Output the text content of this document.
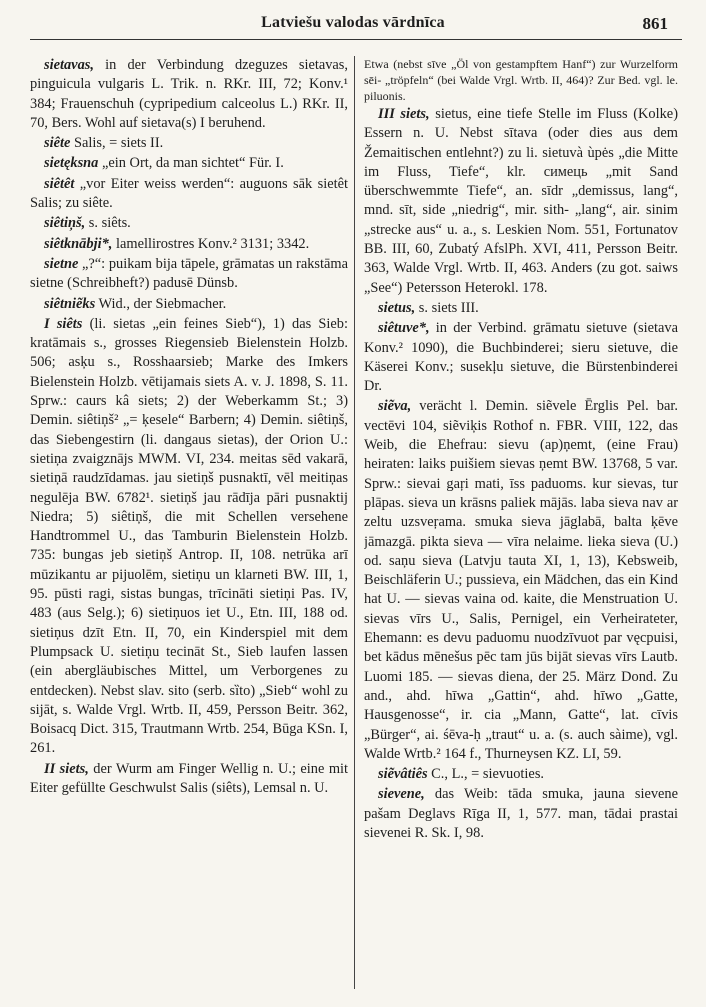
Latviešu valodas vārdnīca	861

sietavas, in der Verbindung dzeguzes sietavas, pinguicula vulgaris L. Trik. n. RKr. III, 72; Konv.¹ 384; Frauenschuh (cypripedium calceolus L.) RKr. II, 70, Bers. Wohl auf sietava(s) I beruhend.

siête Salis, = siets II.

sietęksna „ein Ort, da man sichtet“ Für. I.

siêtêt „vor Eiter weiss werden“: auguons sāk sietêt Salis; zu siête.

siêtiņš, s. siêts.

siêtknābji*, lamellirostres Konv.² 3131; 3342.

sietne „?“: puikam bija tāpele, grāmatas un rakstāma sietne (Schreibheft?) padusē Dünsb.

siêtniẽks Wid., der Siebmacher.

I siêts (li. sietas „ein feines Sieb“), 1) das Sieb: kratāmais s., grosses Riegensieb Bielenstein Holzb. 506; asķu s., Rosshaarsieb; Marke des Imkers Bielenstein Holzb. vētijamais siets A. v. J. 1898, S. 11. Sprw.: caurs kâ siets; 2) der Weberkamm St.; 3) Demin. siêtiņš² „= ķesele“ Barbern; 4) Demin. siêtiņš, das Siebengestirn (li. dangaus sietas), der Orion U.: sietiņa zvaigznājs MWM. VI, 234. meitas sēd vakarā, sietiņā raudzīdamas. jau sietiņš pusnaktī, vēl meitiņas negulēja BW. 6782¹. sietiņš jau rādīja pāri pusnaktij Niedra; 5) siêtiņš, die mit Schellen versehene Handtrommel U., das Tamburin Bielenstein Holzb. 735: bungas jeb sietiņš Antrop. II, 108. netrūka arī mūzikantu ar pijuolēm, sietiņu un klarneti BW. III, 1, 95. pūsti ragi, sistas bungas, trīcināti sietiņi Pas. IV, 483 (aus Selg.); 6) sietiņuos iet U., Etn. III, 188 od. sietiņus dzīt Etn. II, 70, ein Kinderspiel mit dem Plumpsack U. sietiņu tecināt St., Sieb laufen lassen (ein abergläubisches Mittel, um Verborgenes zu entdecken). Nebst slav. sito (serb. sȉto) „Sieb“ wohl zu sijāt, s. Walde Vrgl. Wrtb. II, 459, Persson Beitr. 362, Boisacq Dict. 315, Trautmann Wrtb. 254, Būga KSn. I, 261.

II siets, der Wurm am Finger Wellig n. U.; eine mit Eiter gefüllte Geschwulst Salis (siêts), Lemsal n. U.

Etwa (nebst sīve „Öl von gestampftem Hanf“) zur Wurzelform sēi- „tröpfeln“ (bei Walde Vrgl. Wrtb. II, 464)? Zur Bed. vgl. le. piluonis.

III siets, sietus, eine tiefe Stelle im Fluss (Kolke) Essern n. U. Nebst sītava (oder dies aus dem Žemaitischen entlehnt?) zu li. sietuvà ùpės „die Mitte im Fluss, Tiefe“, klr. cимець „mit Sand überschwemmte Tiefe“, an. sīdr „demissus, lang“, mnd. sīt, side „niedrig“, mir. sith- „lang“, air. sinim „strecke aus“ u. a., s. Leskien Nom. 551, Fortunatov BB. III, 60, Zubatý AfslPh. XVI, 411, Persson Beitr. 363, Walde Vrgl. Wrtb. II, 463. Anders (zu got. saiws „See“) Petersson Heterokl. 178.

sietus, s. siets III.

siêtuve*, in der Verbind. grāmatu sietuve (sietava Konv.² 1090), die Buchbinderei; sieru sietuve, die Käserei Konv.; susekļu sietuve, die Bürstenbinderei Dr.

siẽva, verächt l. Demin. siẽvele Ērglis Pel. bar. vectēvi 104, siẽviķis Rothof n. FBR. VIII, 122, das Weib, die Ehefrau: sievu (ap)ņemt, (eine Frau) heiraten: laiks puišiem sievas ņemt BW. 13768, 5 var. Sprw.: sievai gaŗi mati, īss paduoms. kur sievas, tur plāpas. sieva un krāsns paliek mājās. laba sieva nav ar zeltu uzsveŗama. smuka sieva jāglabā, balta ķēve jāmazgā. pikta sieva — vīra nelaime. lieka sieva (U.) od. saņu sieva (Latvju tauta XI, 1, 13), Kebsweib, Beischläferin U.; pussieva, ein Mädchen, das ein Kind hat U. — sievas vaina od. kaite, die Menstruation U. sievas vīrs U., Salis, Pernigel, ein Verheirateter, Ehemann: es devu paduomu nuodzīvuot par vęcpuisi, bet kādus mēnešus pēc tam jūs bijāt sievas vīrs Lautb. Luomi 185. — sievas diena, der 25. März Dond. Zu and., ahd. hīwa „Gattin“, ahd. hīwo „Gatte, Hausgenosse“, ir. cia „Mann, Gatte“, lat. cīvis „Bürger“, ai. śēva-ḥ „traut“ u. a. (s. auch sàime), vgl. Walde Wrtb.² 164 f., Thurneysen KZ. LI, 59.

siẽvâtiês C., L., = sievuoties.

sievene, das Weib: tāda smuka, jauna sievene pašam Deglavs Rīga II, 1, 577. man, tādai prastai sievenei R. Sk. I, 98.
